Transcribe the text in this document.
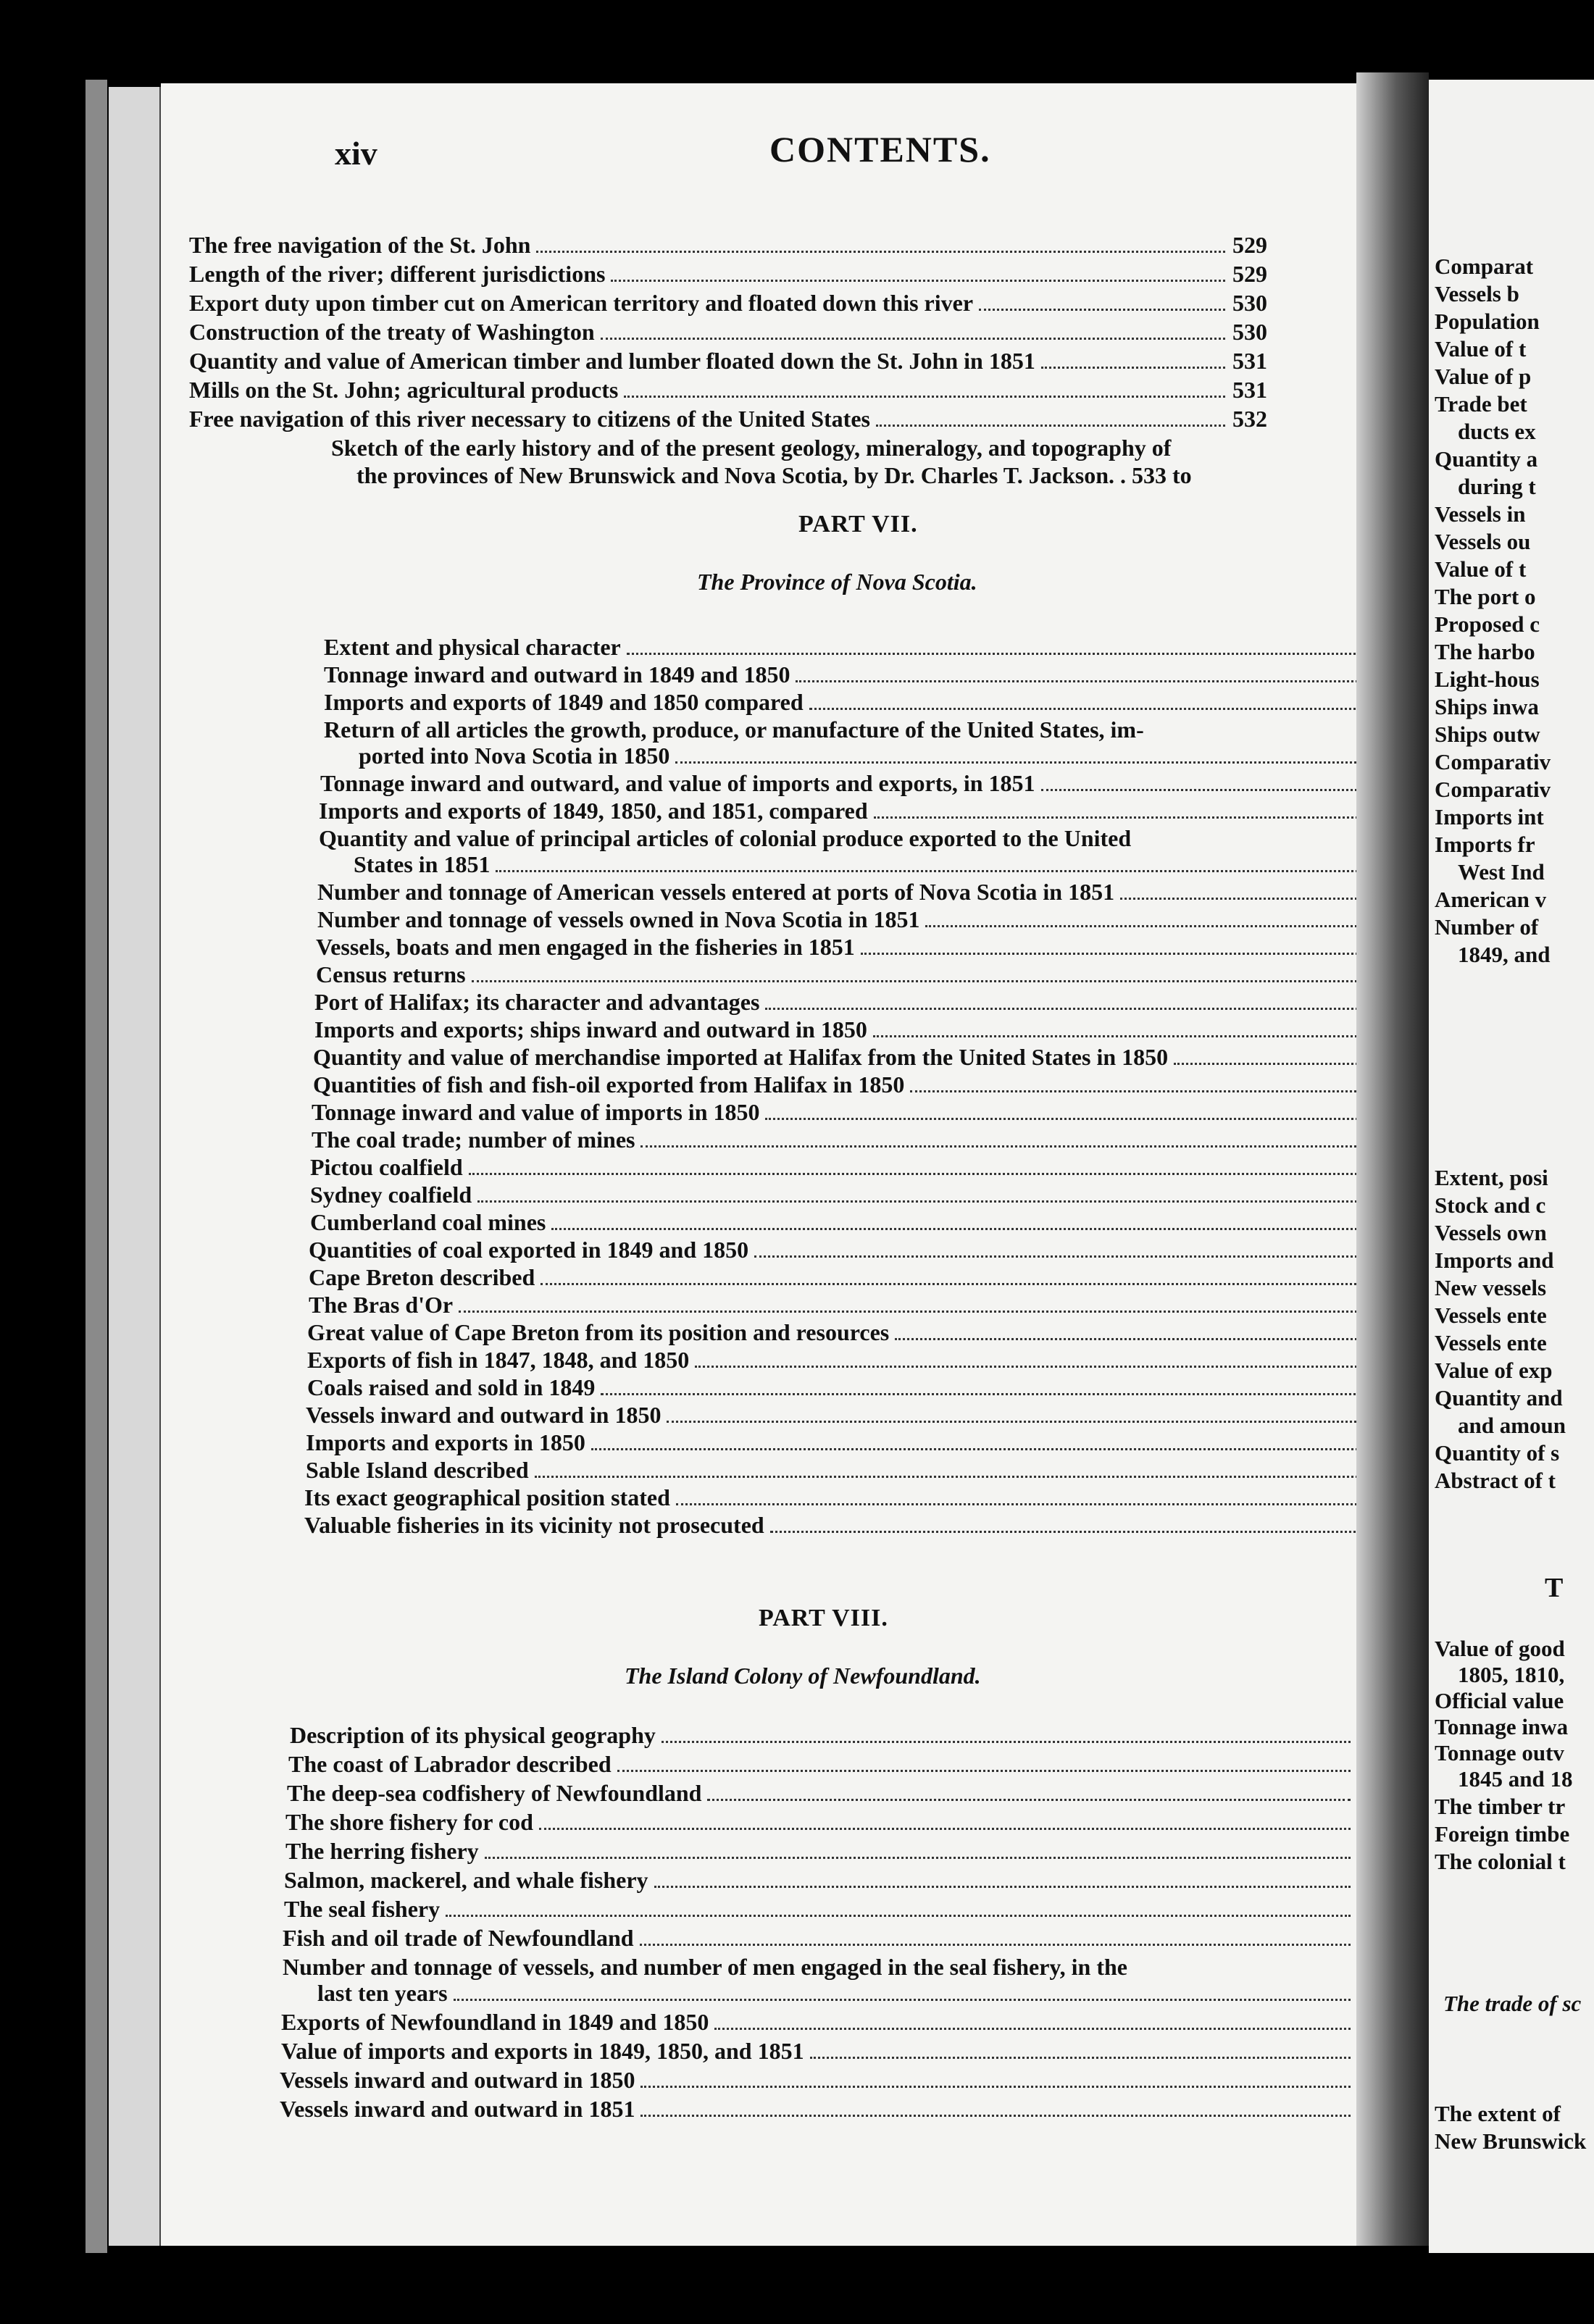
xiv	CONTENTS.
The free navigation of the St. John	529
Length of the river; different jurisdictions	529
Export duty upon timber cut on American territory and floated down this river	530
Construction of the treaty of Washington	530
Quantity and value of American timber and lumber floated down the St. John in 1851	531
Mills on the St. John; agricultural products	531
Free navigation of this river necessary to citizens of the United States	532
Sketch of the early history and of the present geology, mineralogy, and topography of
the provinces of New Brunswick and Nova Scotia, by Dr. Charles T. Jackson. . 533 to
PART VII.
The Province of Nova Scotia.
Extent and physical character
Tonnage inward and outward in 1849 and 1850
Imports and exports of 1849 and 1850 compared
Return of all articles the growth, produce, or manufacture of the United States, im-
ported into Nova Scotia in 1850
Tonnage inward and outward, and value of imports and exports, in 1851
Imports and exports of 1849, 1850, and 1851, compared
Quantity and value of principal articles of colonial produce exported to the United
States in 1851
Number and tonnage of American vessels entered at ports of Nova Scotia in 1851
Number and tonnage of vessels owned in Nova Scotia in 1851
Vessels, boats and men engaged in the fisheries in 1851
Census returns
Port of Halifax; its character and advantages
Imports and exports; ships inward and outward in 1850
Quantity and value of merchandise imported at Halifax from the United States in 1850
Quantities of fish and fish-oil exported from Halifax in 1850
Tonnage inward and value of imports in 1850
The coal trade; number of mines
Pictou coalfield
Sydney coalfield
Cumberland coal mines
Quantities of coal exported in 1849 and 1850
Cape Breton described
The Bras d'Or
Great value of Cape Breton from its position and resources
Exports of fish in 1847, 1848, and 1850
Coals raised and sold in 1849
Vessels inward and outward in 1850
Imports and exports in 1850
Sable Island described
Its exact geographical position stated
Valuable fisheries in its vicinity not prosecuted
PART VIII.
The Island Colony of Newfoundland.
Description of its physical geography
The coast of Labrador described
The deep-sea codfishery of Newfoundland
The shore fishery for cod
The herring fishery
Salmon, mackerel, and whale fishery
The seal fishery
Fish and oil trade of Newfoundland
Number and tonnage of vessels, and number of men engaged in the seal fishery, in the
last ten years
Exports of Newfoundland in 1849 and 1850
Value of imports and exports in 1849, 1850, and 1851
Vessels inward and outward in 1850
Vessels inward and outward in 1851
Comparat
Vessels b
Population
Value of t
Value of p
Trade bet
ducts ex
Quantity a
during t
Vessels in
Vessels ou
Value of t
The port o
Proposed c
The harbo
Light-hous
Ships inwa
Ships outw
Comparativ
Comparativ
Imports int
Imports fr
West Ind
American v
Number of
1849, and
Extent, posi
Stock and c
Vessels own
Imports and
New vessels
Vessels ente
Vessels ente
Value of exp
Quantity and
and amoun
Quantity of s
Abstract of t
T
Value of good
1805, 1810,
Official value
Tonnage inwa
Tonnage outv
1845 and 18
The timber tr
Foreign timbe
The colonial t
The trade of sc
The extent of
New Brunswick
